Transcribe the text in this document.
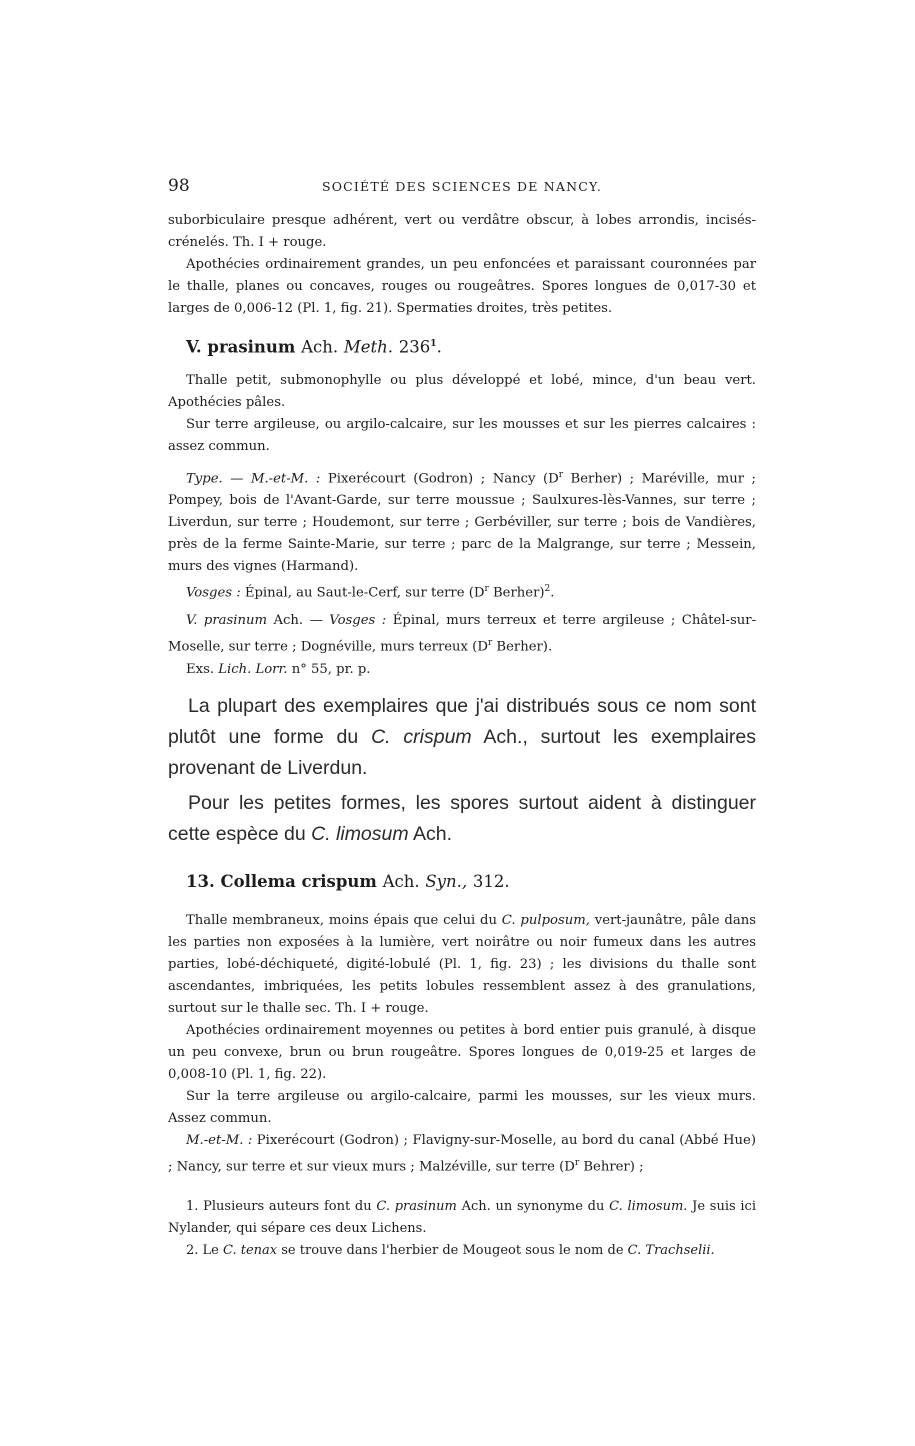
98	SOCIÉTÉ DES SCIENCES DE NANCY.

suborbiculaire presque adhérent, vert ou verdâtre obscur, à lobes arrondis, incisés-crénelés. Th. I + rouge.

Apothécies ordinairement grandes, un peu enfoncées et paraissant couronnées par le thalle, planes ou concaves, rouges ou rougeâtres. Spores longues de 0,017-30 et larges de 0,006-12 (Pl. 1, fig. 21). Spermaties droites, très petites.

V. prasinum Ach. Meth. $236^1$.

Thalle petit, submonophylle ou plus développé et lobé, mince, d'un beau vert. Apothécies pâles.

Sur terre argileuse, ou argilo-calcaire, sur les mousses et sur les pierres calcaires : assez commun.

Type. — M.-et-M. : Pixerécourt (Godron) ; Nancy ($D^r$ Berher) ; Maréville, mur ; Pompey, bois de l'Avant-Garde, sur terre moussue ; Saulxures-lès-Vannes, sur terre ; Liverdun, sur terre ; Houdemont, sur terre ; Gerbéviller, sur terre ; bois de Vandières, près de la ferme Sainte-Marie, sur terre ; parc de la Malgrange, sur terre ; Messein, murs des vignes (Harmand).

Vosges : Épinal, au Saut-le-Cerf, sur terre ($D^r$ Berher)$^2$.

V. prasinum Ach. — Vosges : Épinal, murs terreux et terre argileuse ; Châtel-sur-Moselle, sur terre ; Dognéville, murs terreux ($D^r$ Berher).

Exs. Lich. Lorr. n° 55, pr. p.

La plupart des exemplaires que j'ai distribués sous ce nom sont plutôt une forme du C. crispum Ach., surtout les exemplaires provenant de Liverdun.

Pour les petites formes, les spores surtout aident à distinguer cette espèce du C. limosum Ach.

13. Collema crispum Ach. Syn., 312.

Thalle membraneux, moins épais que celui du C. pulposum, vert-jaunâtre, pâle dans les parties non exposées à la lumière, vert noirâtre ou noir fumeux dans les autres parties, lobé-déchiqueté, digité-lobulé (Pl. 1, fig. 23) ; les divisions du thalle sont ascendantes, imbriquées, les petits lobules ressemblent assez à des granulations, surtout sur le thalle sec. Th. I + rouge.

Apothécies ordinairement moyennes ou petites à bord entier puis granulé, à disque un peu convexe, brun ou brun rougeâtre. Spores longues de 0,019-25 et larges de 0,008-10 (Pl. 1, fig. 22).

Sur la terre argileuse ou argilo-calcaire, parmi les mousses, sur les vieux murs. Assez commun.

M.-et-M. : Pixerécourt (Godron) ; Flavigny-sur-Moselle, au bord du canal (Abbé Hue) ; Nancy, sur terre et sur vieux murs ; Malzéville, sur terre ($D^r$ Behrer) ;

1. Plusieurs auteurs font du C. prasinum Ach. un synonyme du C. limosum. Je suis ici Nylander, qui sépare ces deux Lichens.

2. Le C. tenax se trouve dans l'herbier de Mougeot sous le nom de C. Trachselii.
